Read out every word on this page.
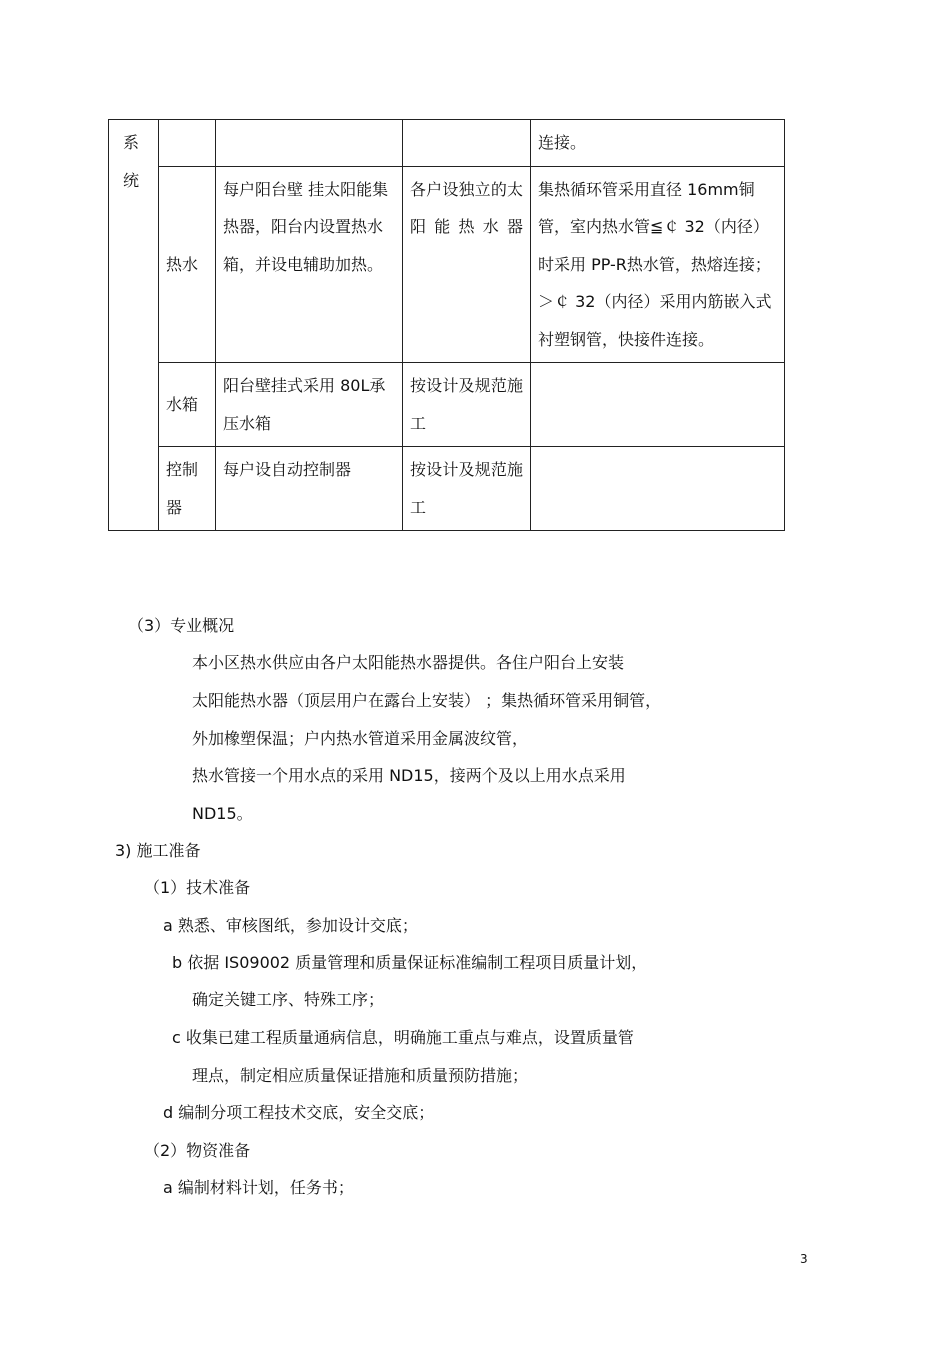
系
统				连接。
	热水	每户阳台壁 挂太阳能集热器，阳台内设置热水箱，并设电辅助加热。	各户设独立的太阳能热水器	集热循环管采用直径 16mm铜管，室内热水管≦￠ 32（内径）时采用 PP-R热水管，热熔连接；＞￠ 32（内径）采用内筋嵌入式衬塑钢管，快接件连接。
	水箱	阳台壁挂式采用 80L承压水箱	按设计及规范施工	
	控制器	每户设自动控制器	按设计及规范施工	
（3）专业概况
本小区热水供应由各户太阳能热水器提供。各住户阳台上安装
太阳能热水器（顶层用户在露台上安装） ；集热循环管采用铜管，
外加橡塑保温；户内热水管道采用金属波纹管，
热水管接一个用水点的采用 ND15，接两个及以上用水点采用
ND15。
3) 施工准备
（1）技术准备
a 熟悉、审核图纸，参加设计交底；
b 依据 IS09002 质量管理和质量保证标准编制工程项目质量计划，
确定关键工序、特殊工序；
c 收集已建工程质量通病信息，明确施工重点与难点，设置质量管
理点，制定相应质量保证措施和质量预防措施；
d 编制分项工程技术交底，安全交底；
（2）物资准备
a 编制材料计划，任务书；
3
